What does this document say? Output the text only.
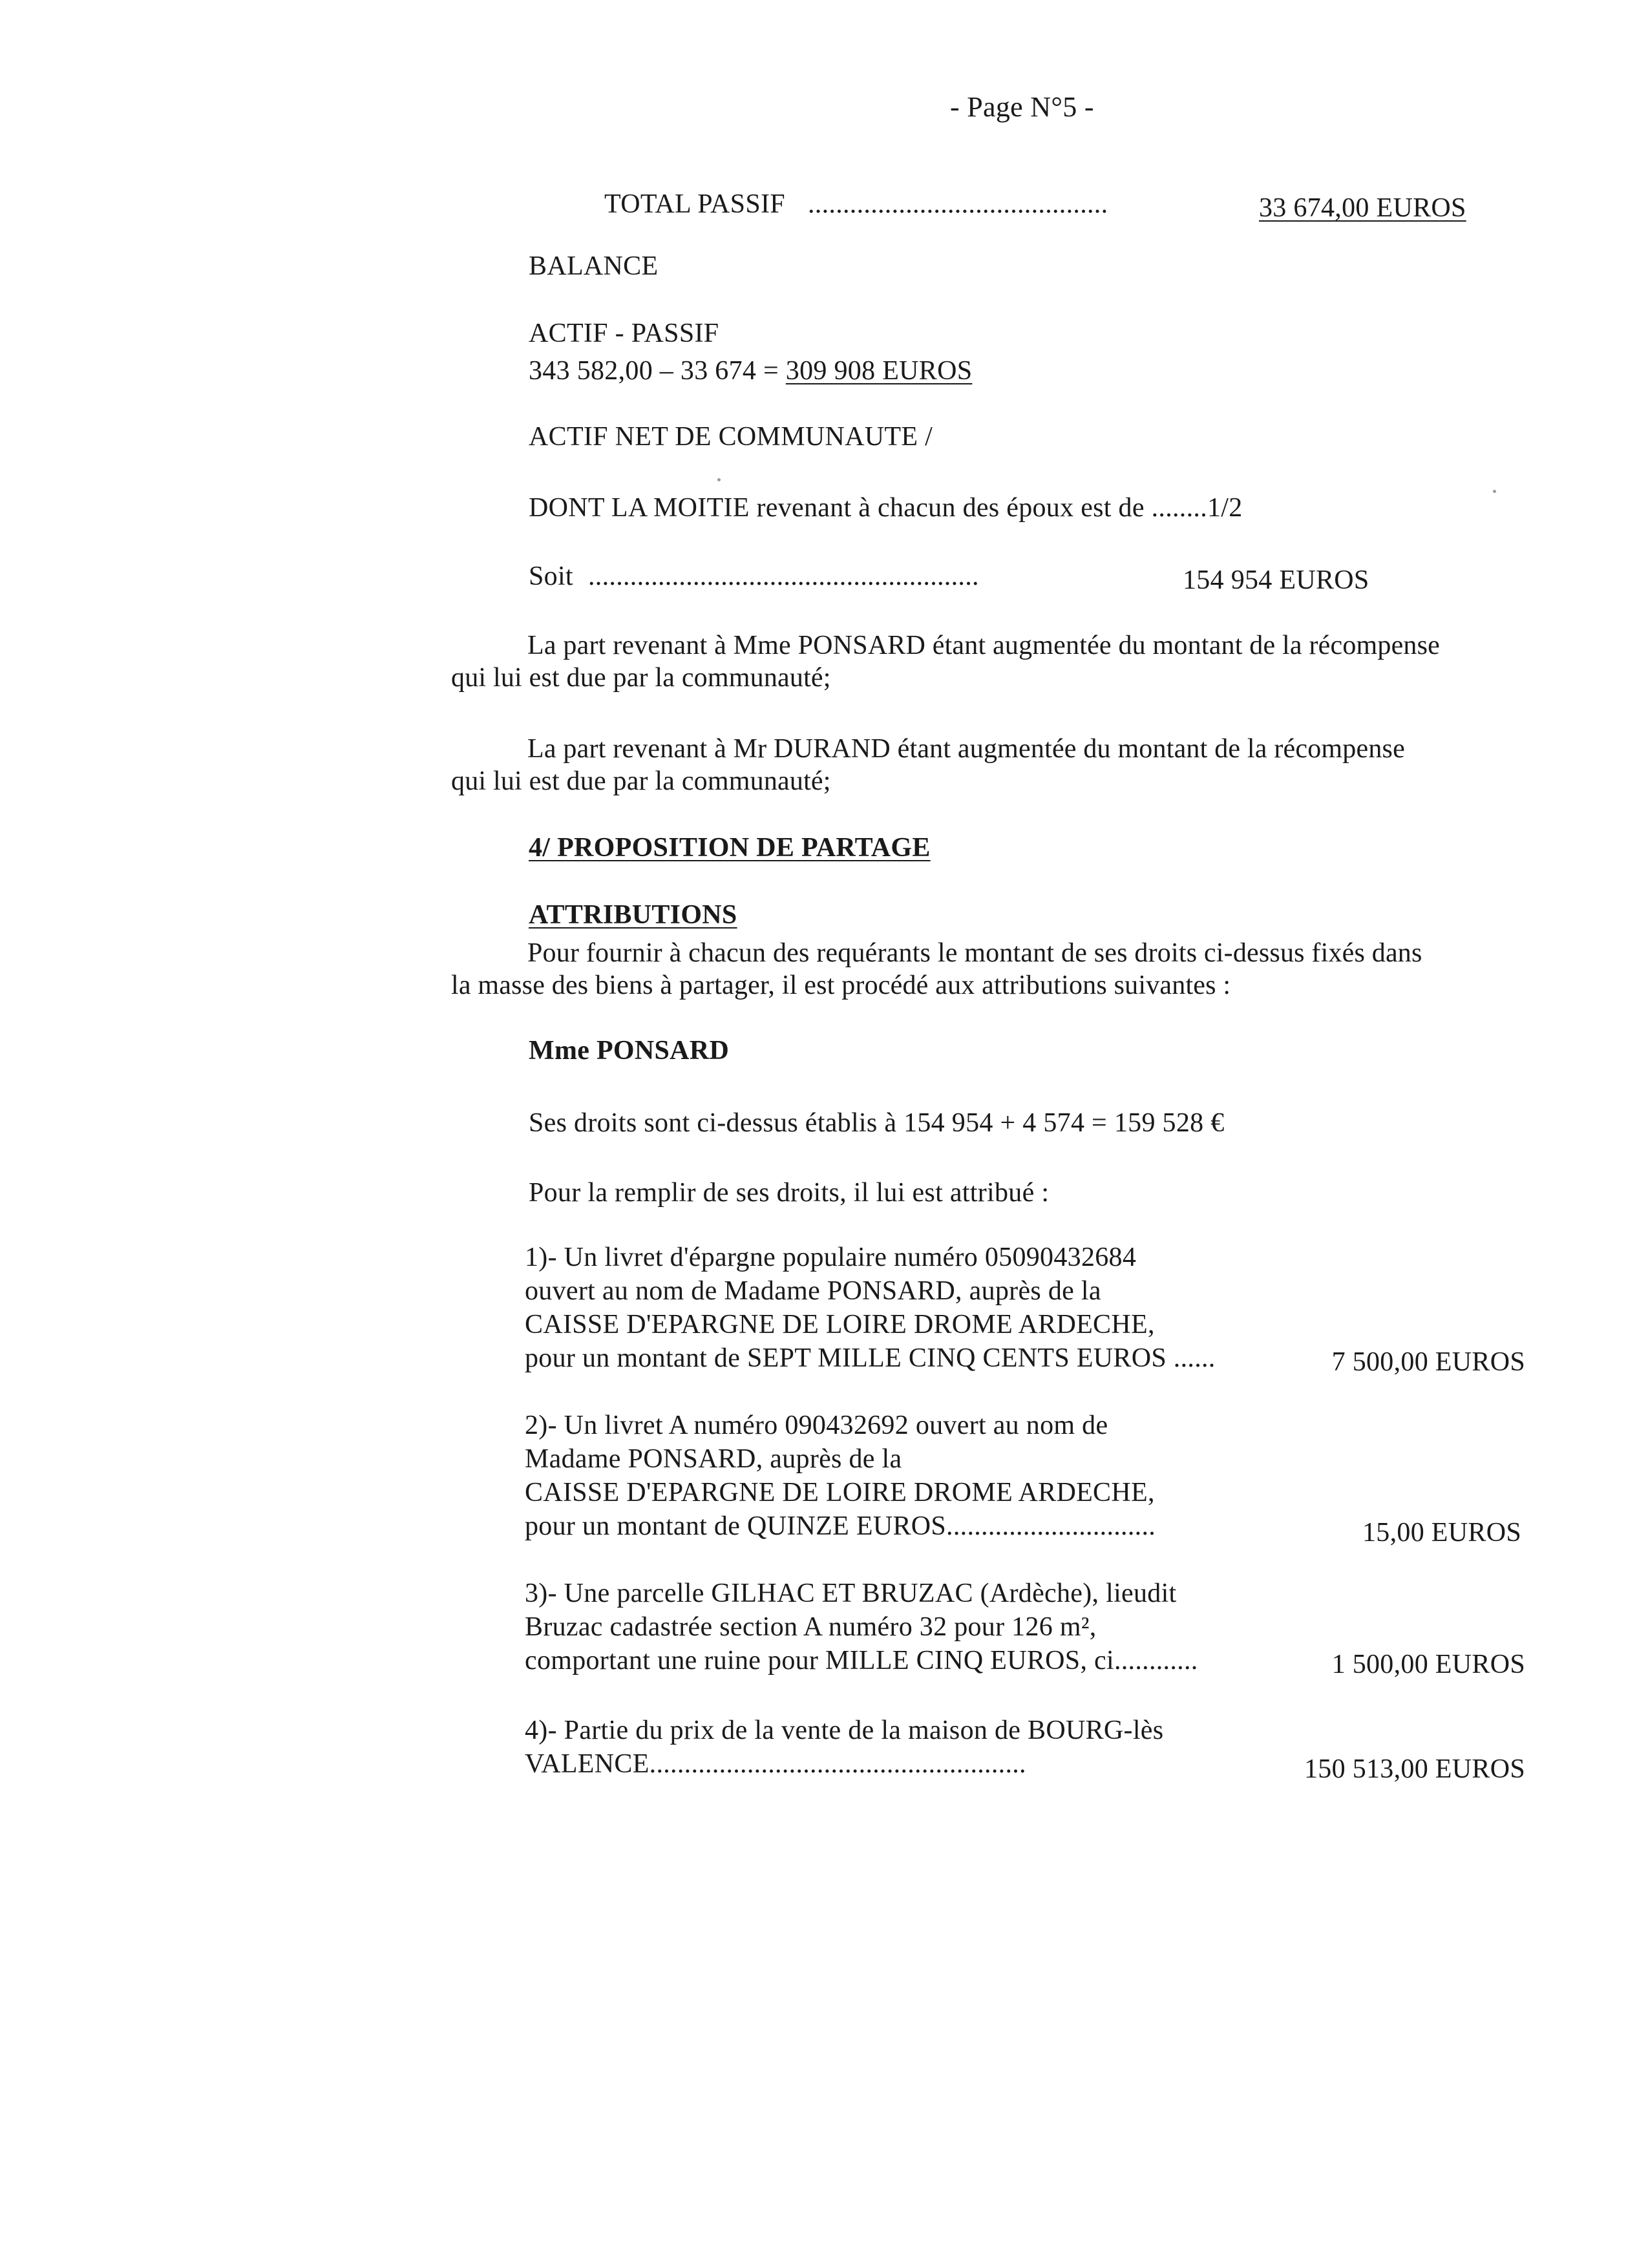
- Page N°5 -
TOTAL PASSIF ...........................................	33 674,00 EUROS
BALANCE
ACTIF - PASSIF
343 582,00 – 33 674 = 309 908 EUROS
ACTIF NET DE COMMUNAUTE /
DONT LA MOITIE revenant à chacun des époux est de ........1/2
Soit ........................................................	154 954 EUROS
La part revenant à Mme PONSARD étant augmentée du montant de la récompense
qui lui est due par la communauté;
La part revenant à Mr DURAND étant augmentée du montant de la récompense
qui lui est due par la communauté;
4/ PROPOSITION DE PARTAGE
ATTRIBUTIONS
Pour fournir à chacun des requérants le montant de ses droits ci-dessus fixés dans
la masse des biens à partager, il est procédé aux attributions suivantes :
Mme PONSARD
Ses droits sont ci-dessus établis à 154 954 + 4 574 = 159 528 €
Pour la remplir de ses droits, il lui est attribué :
1)- Un livret d'épargne populaire numéro 05090432684
ouvert au nom de Madame PONSARD, auprès de la
CAISSE D'EPARGNE DE LOIRE DROME ARDECHE,
pour un montant de SEPT MILLE CINQ CENTS EUROS ......	7 500,00 EUROS
2)- Un livret A numéro 090432692 ouvert au nom de
Madame PONSARD, auprès de la
CAISSE D'EPARGNE DE LOIRE DROME ARDECHE,
pour un montant de QUINZE EUROS..............................	15,00 EUROS
3)- Une parcelle GILHAC ET BRUZAC (Ardèche), lieudit
Bruzac cadastrée section A numéro 32 pour 126 m²,
comportant une ruine pour MILLE CINQ EUROS, ci............	1 500,00 EUROS
4)- Partie du prix de la vente de la maison de BOURG-lès
VALENCE......................................................	150 513,00 EUROS
